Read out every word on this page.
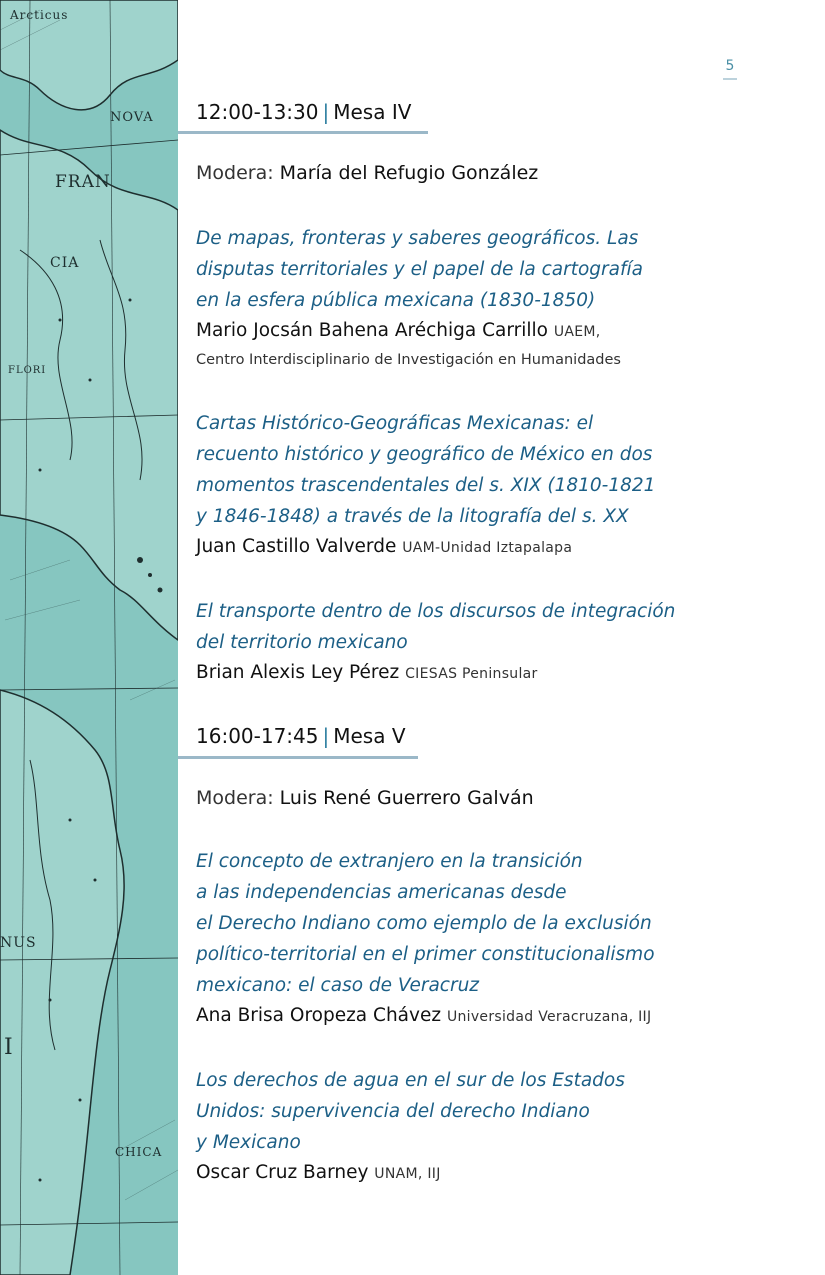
Arcticus
NOVA
FRAN
CIA
FLORI
NUS
I
CHICA
5
12:00-13:30 | Mesa IV
Modera: María del Refugio González

De mapas, fronteras y saberes geográficos. Las
disputas territoriales y el papel de la cartografía
en la esfera pública mexicana (1830-1850)

Mario Jocsán Bahena Aréchiga Carrillo UAEM,
Centro Interdisciplinario de Investigación en Humanidades

Cartas Histórico-Geográficas Mexicanas: el
recuento histórico y geográfico de México en dos
momentos trascendentales del s. XIX (1810-1821
y 1846-1848) a través de la litografía del s. XX

Juan Castillo Valverde UAM-Unidad Iztapalapa

El transporte dentro de los discursos de integración
del territorio mexicano

Brian Alexis Ley Pérez CIESAS Peninsular
16:00-17:45 | Mesa V
Modera: Luis René Guerrero Galván

El concepto de extranjero en la transición
a las independencias americanas desde
el Derecho Indiano como ejemplo de la exclusión
político-territorial en el primer constitucionalismo
mexicano: el caso de Veracruz

Ana Brisa Oropeza Chávez Universidad Veracruzana, IIJ

Los derechos de agua en el sur de los Estados
Unidos: supervivencia del derecho Indiano
y Mexicano

Oscar Cruz Barney UNAM, IIJ
